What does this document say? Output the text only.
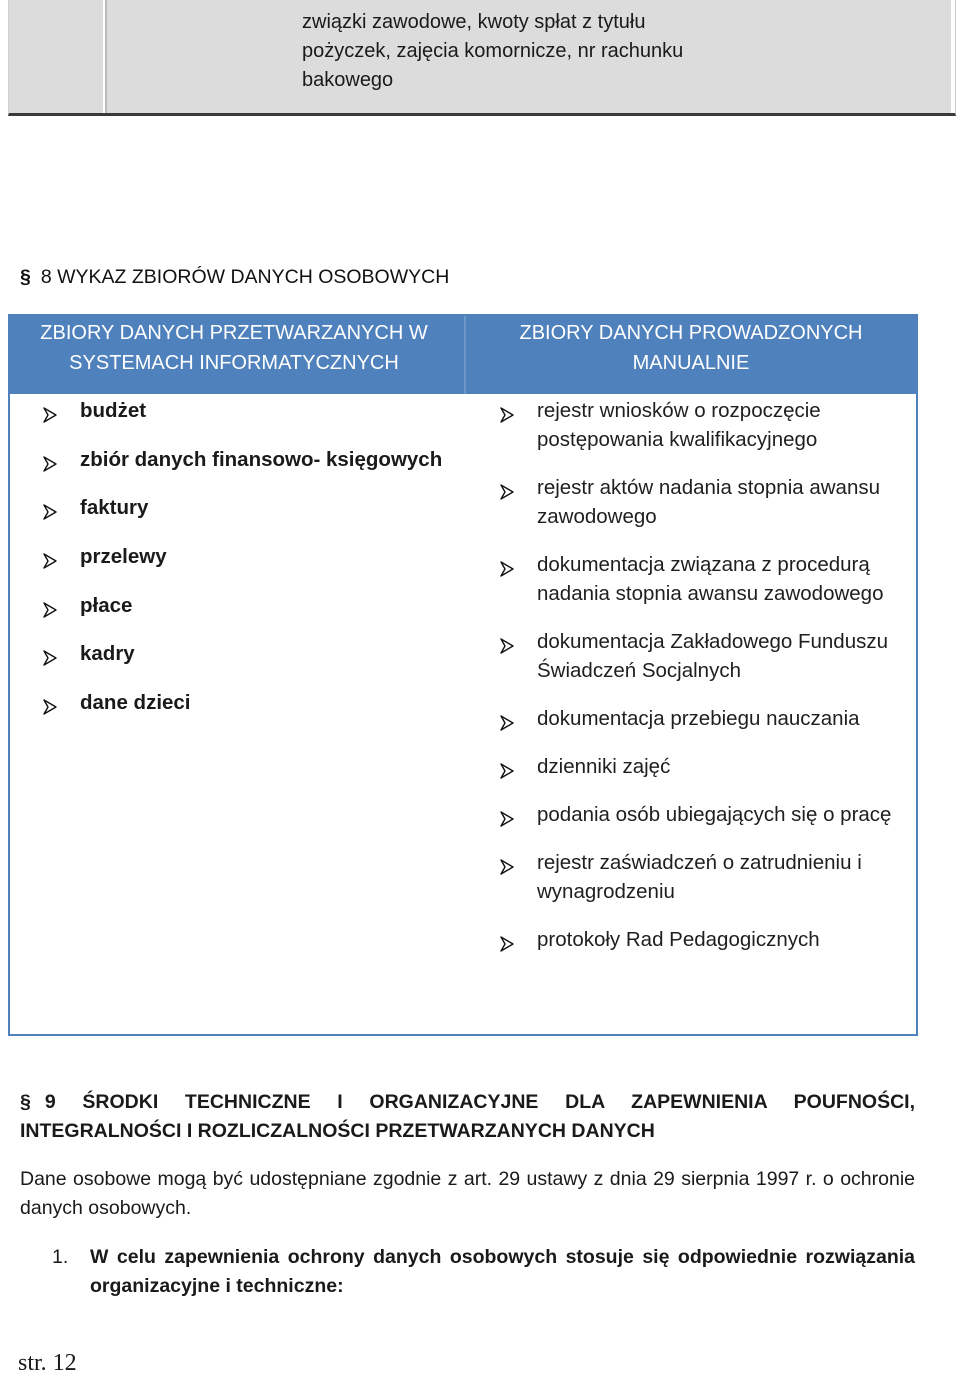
związki zawodowe, kwoty spłat z tytułu pożyczek, zajęcia komornicze, nr rachunku bakowego
§ 8 WYKAZ ZBIORÓW DANYCH OSOBOWYCH
ZBIORY DANYCH PRZETWARZANYCH W SYSTEMACH INFORMATYCZNYCH
ZBIORY DANYCH PROWADZONYCH MANUALNIE
budżet
zbiór danych finansowo- księgowych
faktury
przelewy
płace
kadry
dane dzieci
rejestr wniosków o rozpoczęcie postępowania kwalifikacyjnego
rejestr aktów nadania stopnia awansu zawodowego
dokumentacja związana z procedurą nadania stopnia awansu zawodowego
dokumentacja Zakładowego Funduszu Świadczeń Socjalnych
dokumentacja przebiegu nauczania
dzienniki zajęć
podania osób ubiegających się o pracę
rejestr zaświadczeń o zatrudnieniu i wynagrodzeniu
protokoły Rad Pedagogicznych
§ 9 ŚRODKI TECHNICZNE I ORGANIZACYJNE DLA ZAPEWNIENIA POUFNOŚCI, INTEGRALNOŚCI I ROZLICZALNOŚCI PRZETWARZANYCH DANYCH
Dane osobowe mogą być udostępniane zgodnie z art. 29 ustawy z dnia 29 sierpnia 1997 r. o ochronie danych osobowych.
1. W celu zapewnienia ochrony danych osobowych stosuje się odpowiednie rozwiązania organizacyjne i techniczne:
str. 12
